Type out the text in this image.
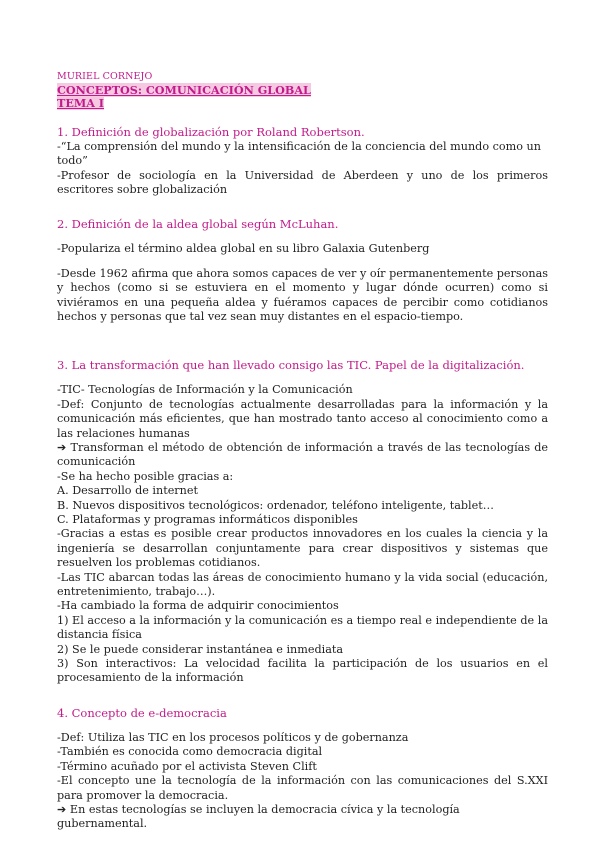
MURIEL CORNEJO
CONCEPTOS: COMUNICACIÓN GLOBAL
TEMA I

1. Definición de globalización por Roland Robertson.

-“La comprensión del mundo y la intensificación de la conciencia del mundo como un todo”

-Profesor de sociología en la Universidad de Aberdeen y uno de los primeros escritores sobre globalización

2. Definición de la aldea global según McLuhan.

-Populariza el término aldea global en su libro Galaxia Gutenberg

-Desde 1962 afirma que ahora somos capaces de ver y oír permanentemente personas y hechos (como si se estuviera en el momento y lugar dónde ocurren) como si viviéramos en una pequeña aldea y fuéramos capaces de percibir como cotidianos hechos y personas que tal vez sean muy distantes en el espacio-tiempo.

3. La transformación que han llevado consigo las TIC. Papel de la digitalización.

-TIC- Tecnologías de Información y la Comunicación

-Def: Conjunto de tecnologías actualmente desarrolladas para la información y la comunicación más eficientes, que han mostrado tanto acceso al conocimiento como a las relaciones humanas

➔ Transforman el método de obtención de información a través de las tecnologías de comunicación

-Se ha hecho posible gracias a:

A. Desarrollo de internet

B. Nuevos dispositivos tecnológicos: ordenador, teléfono inteligente, tablet…

C. Plataformas y programas informáticos disponibles

-Gracias a estas es posible crear productos innovadores en los cuales la ciencia y la ingeniería se desarrollan conjuntamente para crear dispositivos y sistemas que resuelven los problemas cotidianos.

-Las TIC abarcan todas las áreas de conocimiento humano y la vida social (educación, entretenimiento, trabajo…).

-Ha cambiado la forma de adquirir conocimientos

1) El acceso a la información y la comunicación es a tiempo real e independiente de la distancia física

2) Se le puede considerar instantánea e inmediata

3) Son interactivos: La velocidad facilita la participación de los usuarios en el procesamiento de la información

4. Concepto de e-democracia

-Def: Utiliza las TIC en los procesos políticos y de gobernanza

-También es conocida como democracia digital

-Término acuñado por el activista Steven Clift

-El concepto une la tecnología de la información con las comunicaciones del S.XXI para promover la democracia.

➔ En estas tecnologías se incluyen la democracia cívica y la tecnología gubernamental.
